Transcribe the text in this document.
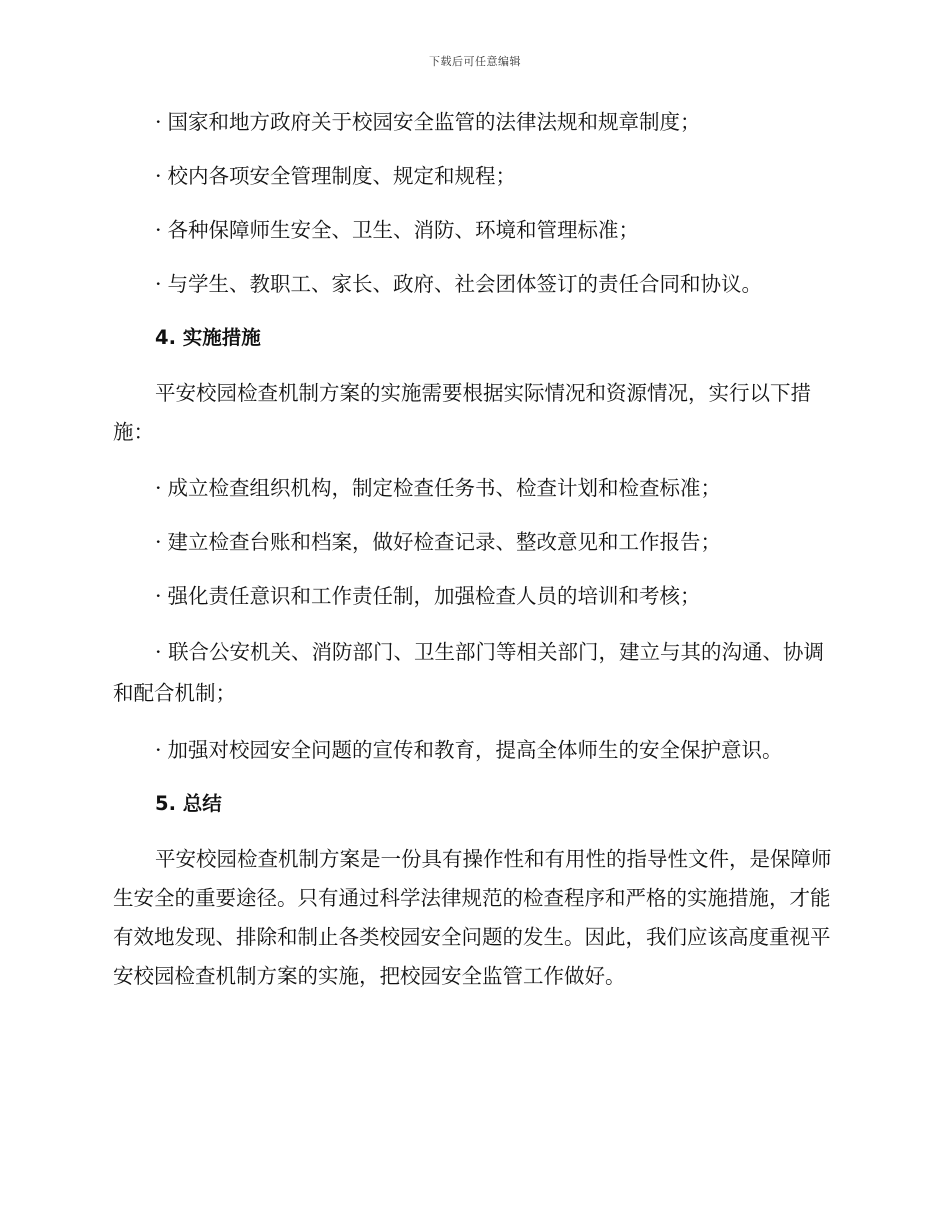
下载后可任意编辑
· 国家和地方政府关于校园安全监管的法律法规和规章制度；
· 校内各项安全管理制度、规定和规程；
· 各种保障师生安全、卫生、消防、环境和管理标准；
· 与学生、教职工、家长、政府、社会团体签订的责任合同和协议。
4. 实施措施
平安校园检查机制方案的实施需要根据实际情况和资源情况，实行以下措施：
· 成立检查组织机构，制定检查任务书、检查计划和检查标准；
· 建立检查台账和档案，做好检查记录、整改意见和工作报告；
· 强化责任意识和工作责任制，加强检查人员的培训和考核；
· 联合公安机关、消防部门、卫生部门等相关部门，建立与其的沟通、协调和配合机制；
· 加强对校园安全问题的宣传和教育，提高全体师生的安全保护意识。
5. 总结
平安校园检查机制方案是一份具有操作性和有用性的指导性文件，是保障师生安全的重要途径。只有通过科学法律规范的检查程序和严格的实施措施，才能有效地发现、排除和制止各类校园安全问题的发生。因此，我们应该高度重视平安校园检查机制方案的实施，把校园安全监管工作做好。
